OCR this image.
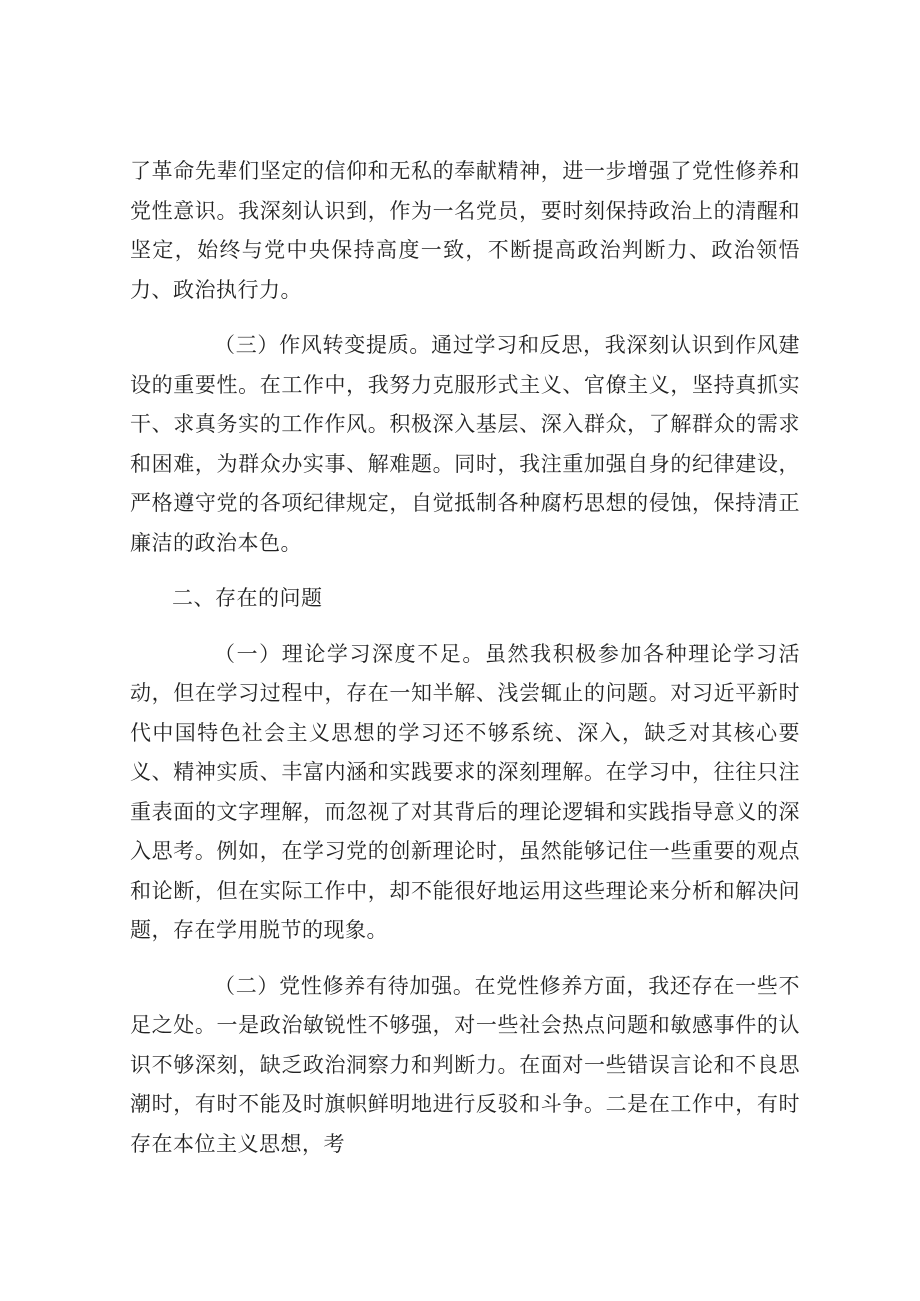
了革命先辈们坚定的信仰和无私的奉献精神，进一步增强了党性修养和党性意识。我深刻认识到，作为一名党员，要时刻保持政治上的清醒和坚定，始终与党中央保持高度一致，不断提高政治判断力、政治领悟力、政治执行力。

（三）作风转变提质。通过学习和反思，我深刻认识到作风建设的重要性。在工作中，我努力克服形式主义、官僚主义，坚持真抓实干、求真务实的工作作风。积极深入基层、深入群众，了解群众的需求和困难，为群众办实事、解难题。同时，我注重加强自身的纪律建设，严格遵守党的各项纪律规定，自觉抵制各种腐朽思想的侵蚀，保持清正廉洁的政治本色。

二、存在的问题

（一）理论学习深度不足。虽然我积极参加各种理论学习活动，但在学习过程中，存在一知半解、浅尝辄止的问题。对习近平新时代中国特色社会主义思想的学习还不够系统、深入，缺乏对其核心要义、精神实质、丰富内涵和实践要求的深刻理解。在学习中，往往只注重表面的文字理解，而忽视了对其背后的理论逻辑和实践指导意义的深入思考。例如，在学习党的创新理论时，虽然能够记住一些重要的观点和论断，但在实际工作中，却不能很好地运用这些理论来分析和解决问题，存在学用脱节的现象。

（二）党性修养有待加强。在党性修养方面，我还存在一些不足之处。一是政治敏锐性不够强，对一些社会热点问题和敏感事件的认识不够深刻，缺乏政治洞察力和判断力。在面对一些错误言论和不良思潮时，有时不能及时旗帜鲜明地进行反驳和斗争。二是在工作中，有时存在本位主义思想，考
